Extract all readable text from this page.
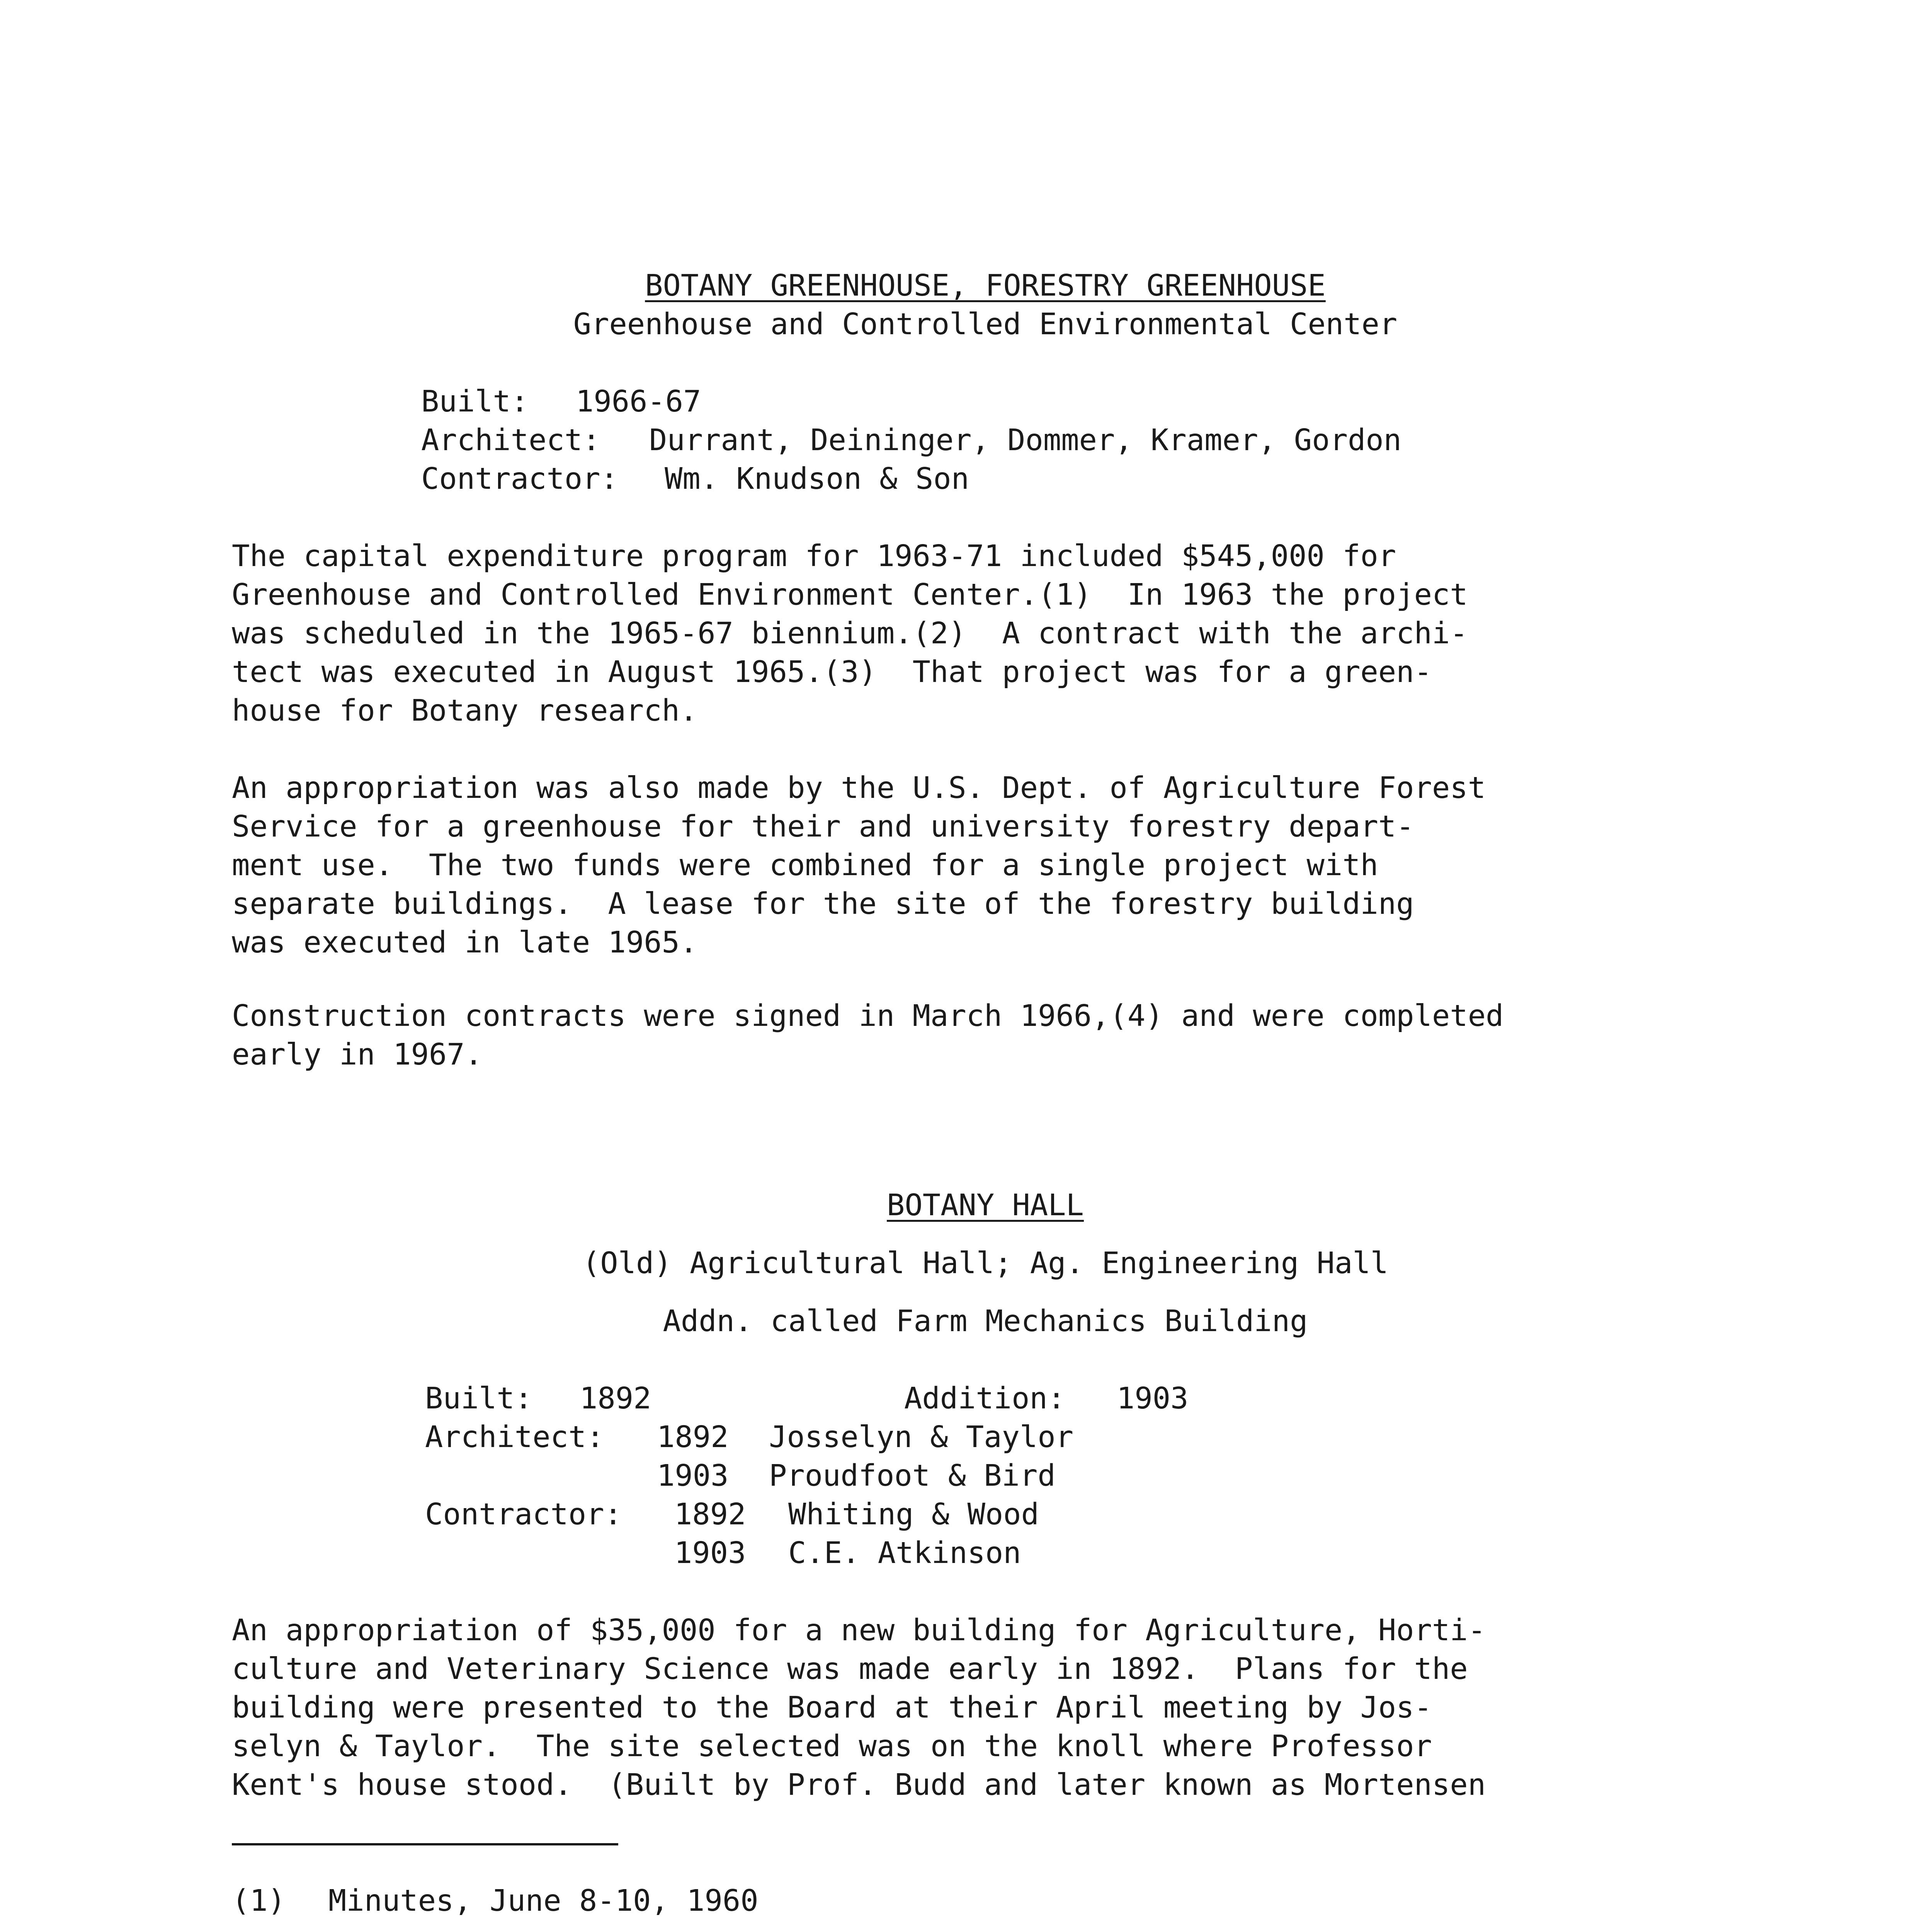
BOTANY GREENHOUSE, FORESTRY GREENHOUSE
Greenhouse and Controlled Environmental Center
Built: 1966-67
Architect: Durrant, Deininger, Dommer, Kramer, Gordon
Contractor: Wm. Knudson & Son
The capital expenditure program for 1963-71 included $545,000 for
Greenhouse and Controlled Environment Center.(1)  In 1963 the project
was scheduled in the 1965-67 biennium.(2)  A contract with the archi-
tect was executed in August 1965.(3)  That project was for a green-
house for Botany research.
An appropriation was also made by the U.S. Dept. of Agriculture Forest
Service for a greenhouse for their and university forestry depart-
ment use.  The two funds were combined for a single project with
separate buildings.  A lease for the site of the forestry building
was executed in late 1965.
Construction contracts were signed in March 1966,(4) and were completed
early in 1967.
BOTANY HALL
(Old) Agricultural Hall; Ag. Engineering Hall
Addn. called Farm Mechanics Building
Built: 1892	Addition: 1903
Architect: 1892 Josselyn & Taylor
1903 Proudfoot & Bird
Contractor: 1892 Whiting & Wood
1903 C.E. Atkinson
An appropriation of $35,000 for a new building for Agriculture, Horti-
culture and Veterinary Science was made early in 1892.  Plans for the
building were presented to the Board at their April meeting by Jos-
selyn & Taylor.  The site selected was on the knoll where Professor
Kent's house stood.  (Built by Prof. Budd and later known as Mortensen
(1) Minutes, June 8-10, 1960
